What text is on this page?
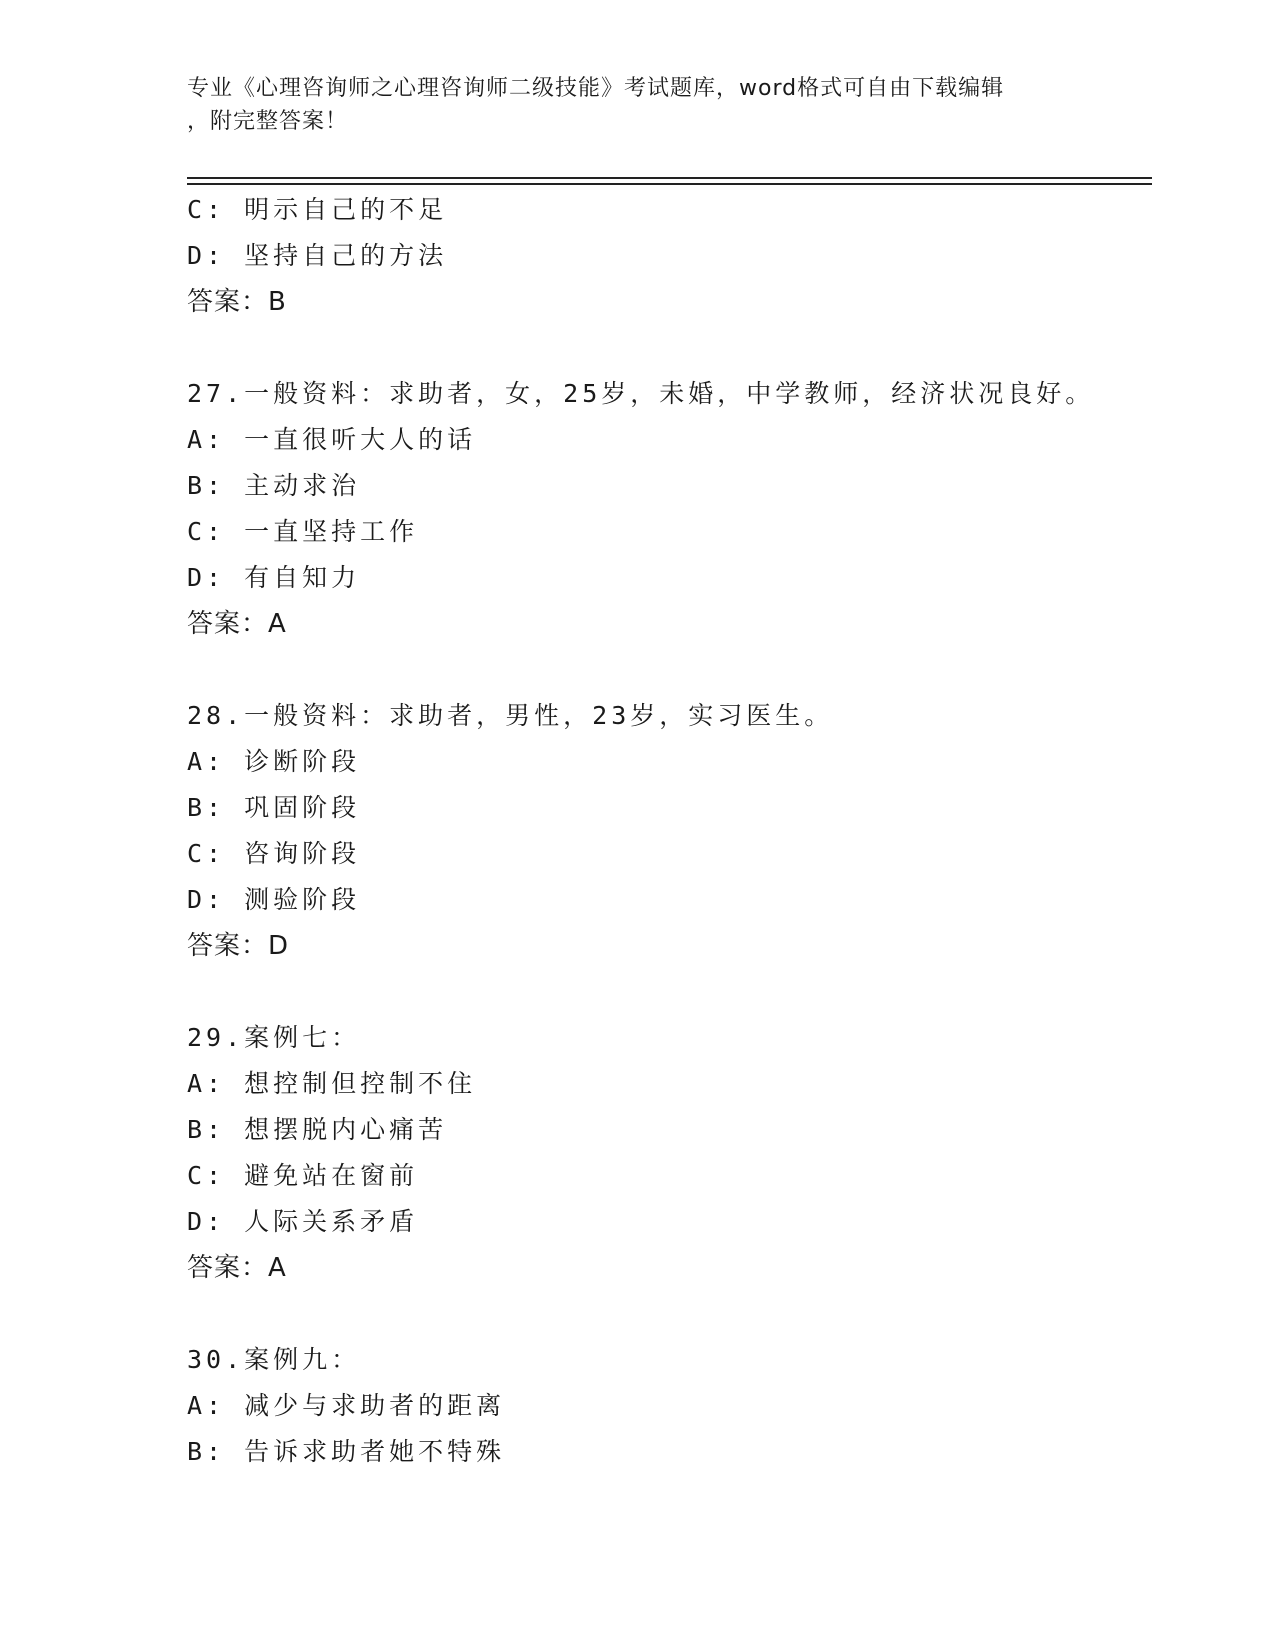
专业《心理咨询师之心理咨询师二级技能》考试题库，word格式可自由下载编辑
，附完整答案！
C: 明示自己的不足
D: 坚持自己的方法
答案：B
27.一般资料：求助者，女，25岁，未婚，中学教师，经济状况良好。
A: 一直很听大人的话
B: 主动求治
C: 一直坚持工作
D: 有自知力
答案：A
28.一般资料：求助者，男性，23岁，实习医生。
A: 诊断阶段
B: 巩固阶段
C: 咨询阶段
D: 测验阶段
答案：D
29.案例七：
A: 想控制但控制不住
B: 想摆脱内心痛苦
C: 避免站在窗前
D: 人际关系矛盾
答案：A
30.案例九：
A: 减少与求助者的距离
B: 告诉求助者她不特殊
